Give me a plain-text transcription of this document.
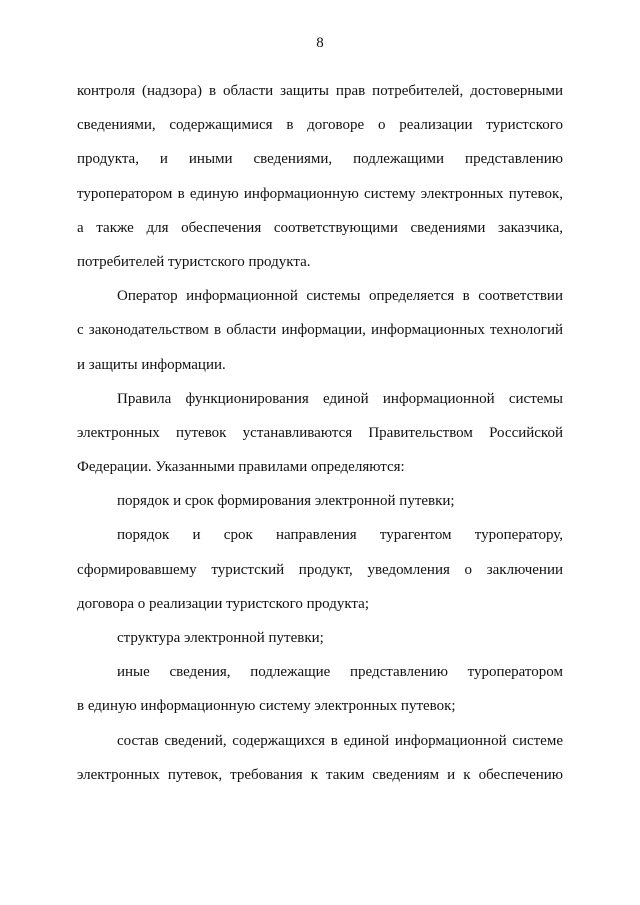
8
контроля (надзора) в области защиты прав потребителей, достоверными
сведениями, содержащимися в договоре о реализации туристского
продукта, и иными сведениями, подлежащими представлению
туроператором в единую информационную систему электронных путевок,
а также для обеспечения соответствующими сведениями заказчика,
потребителей туристского продукта.
Оператор информационной системы определяется в соответствии
с законодательством в области информации, информационных технологий
и защиты информации.
Правила функционирования единой информационной системы
электронных путевок устанавливаются Правительством Российской
Федерации. Указанными правилами определяются:
порядок и срок формирования электронной путевки;
порядок и срок направления турагентом туроператору,
сформировавшему туристский продукт, уведомления о заключении
договора о реализации туристского продукта;
структура электронной путевки;
иные сведения, подлежащие представлению туроператором
в единую информационную систему электронных путевок;
состав сведений, содержащихся в единой информационной системе
электронных путевок, требования к таким сведениям и к обеспечению
